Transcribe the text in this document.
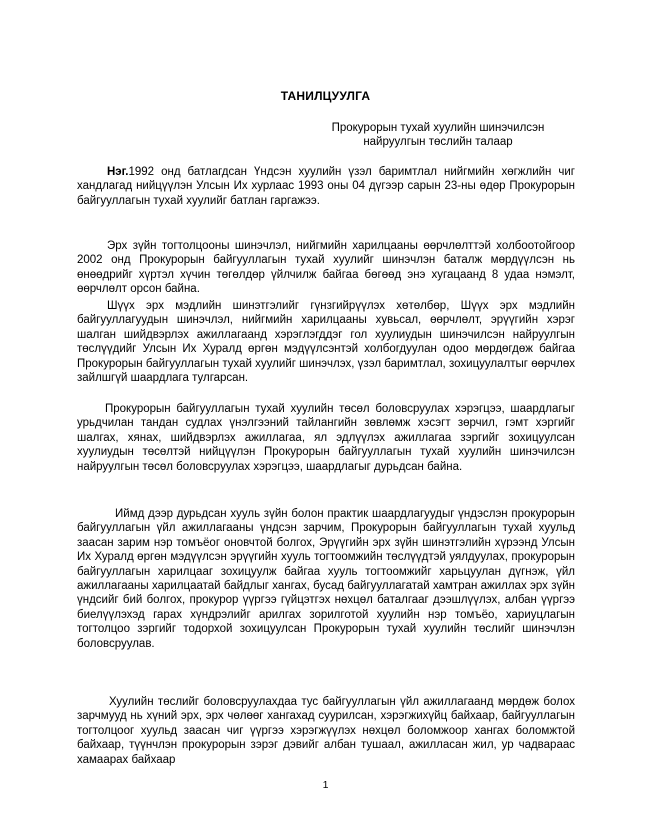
ТАНИЛЦУУЛГА
Прокурорын тухай хуулийн шинэчилсэн
найруулгын төслийн талаар

Нэг.1992 онд батлагдсан Үндсэн хуулийн үзэл баримтлал нийгмийн хөгжлийн чиг хандлагад нийцүүлэн Улсын Их хурлаас 1993 оны 04 дүгээр сарын 23-ны өдөр Прокурорын байгууллагын тухай хуулийг батлан гаргажээ.

Эрх зүйн тогтолцооны шинэчлэл, нийгмийн харилцааны өөрчлөлттэй холбоотойгоор 2002 онд Прокурорын байгууллагын тухай хуулийг шинэчлэн баталж мөрдүүлсэн нь өнөөдрийг хүртэл хүчин төгөлдөр үйлчилж байгаа бөгөөд энэ хугацаанд 8 удаа нэмэлт, өөрчлөлт орсон байна.

Шүүх эрх мэдлийн шинэтгэлийг гүнзгийрүүлэх хөтөлбөр, Шүүх эрх мэдлийн байгууллагуудын шинэчлэл, нийгмийн харилцааны хувьсал, өөрчлөлт, эрүүгийн хэрэг шалган шийдвэрлэх ажиллагаанд хэрэглэгддэг гол хуулиудын шинэчилсэн найруулгын төслүүдийг Улсын Их Хуралд өргөн мэдүүлсэнтэй холбогдуулан одоо мөрдөгдөж байгаа Прокурорын байгууллагын тухай хуулийг шинэчлэх, үзэл баримтлал, зохицуулалтыг өөрчлөх зайлшгүй шаардлага тулгарсан.

Прокурорын байгууллагын тухай хуулийн төсөл боловсруулах хэрэгцээ, шаардлагыг урьдчилан тандан судлах үнэлгээний тайлангийн зөвлөмж хэсэгт зөрчил, гэмт хэргийг шалгах, хянах, шийдвэрлэх ажиллагаа, ял эдлүүлэх ажиллагаа зэргийг зохицуулсан хуулиудын төсөлтэй нийцүүлэн Прокурорын байгууллагын тухай хуулийн шинэчилсэн найруулгын төсөл боловсруулах хэрэгцээ, шаардлагыг дурьдсан байна.

Иймд дээр дурьдсан хууль зүйн болон практик шаардлагуудыг үндэслэн прокурорын байгууллагын үйл ажиллагааны үндсэн зарчим, Прокурорын байгууллагын тухай хуульд заасан зарим нэр томъёог оновчтой болгох, Эрүүгийн эрх зүйн шинэтгэлийн хүрээнд Улсын Их Хуралд өргөн мэдүүлсэн эрүүгийн хууль тогтоомжийн төслүүдтэй уялдуулах, прокурорын байгууллагын харилцааг зохицуулж байгаа хууль тогтоомжийг харьцуулан дүгнэж, үйл ажиллагааны харилцаатай байдлыг хангах, бусад байгууллагатай хамтран ажиллах эрх зүйн үндсийг бий болгох, прокурор үүргээ гүйцэтгэх нөхцөл баталгааг дээшлүүлэх, албан үүргээ биелүүлэхэд гарах хүндрэлийг арилгах зорилготой хуулийн нэр томъёо, хариуцлагын тогтолцоо зэргийг тодорхой зохицуулсан Прокурорын тухай хуулийн төслийг шинэчлэн боловсруулав.

Хуулийн төслийг боловсруулахдаа тус байгууллагын үйл ажиллагаанд мөрдөж болох зарчмууд нь хүний эрх, эрх чөлөөг хангахад суурилсан, хэрэгжихүйц байхаар, байгууллагын тогтолцоог хуульд заасан чиг үүргээ хэрэгжүүлэх нөхцөл боломжоор хангах боломжтой байхаар, түүнчлэн прокурорын зэрэг дэвийг албан тушаал, ажилласан жил, ур чадвараас хамаарах байхаар

1
